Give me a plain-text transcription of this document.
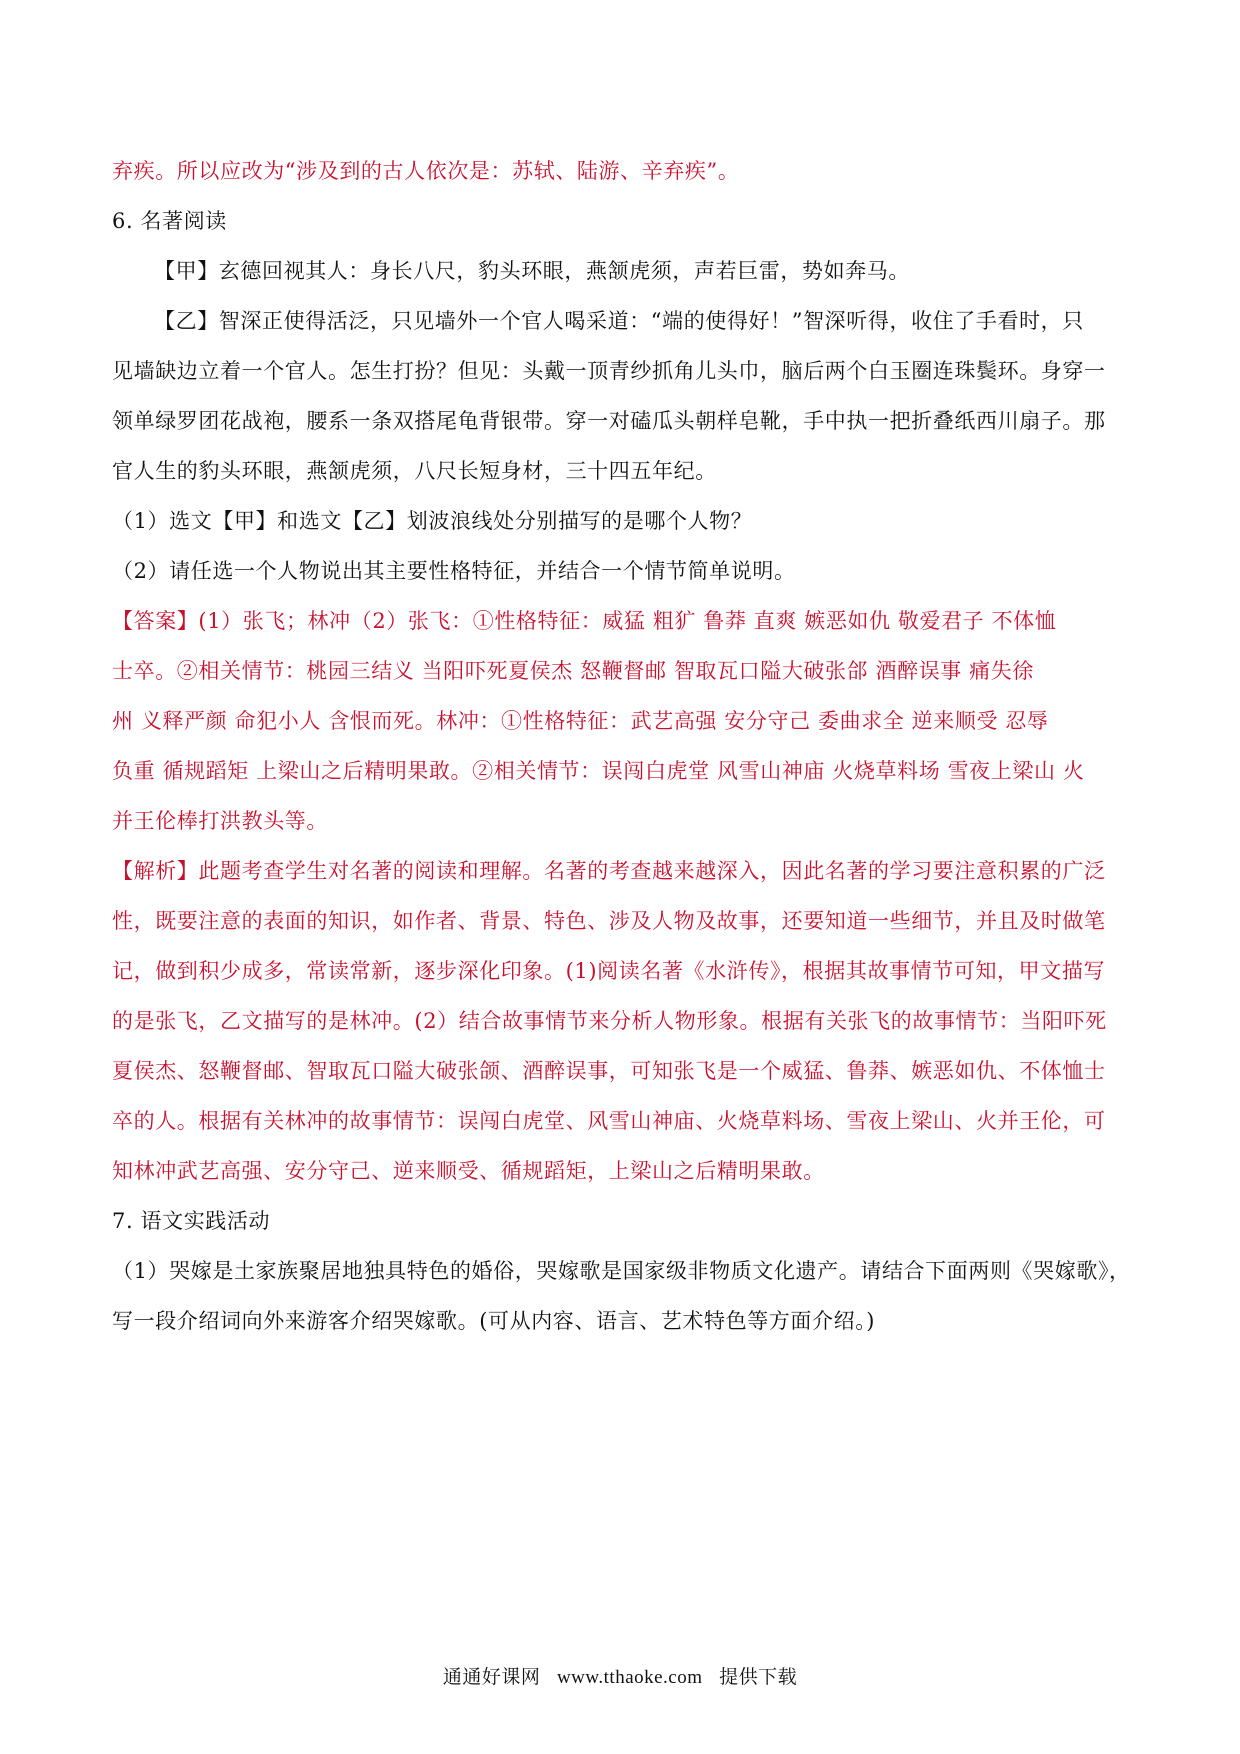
弃疾。所以应改为“涉及到的古人依次是：苏轼、陆游、辛弃疾”。
6. 名著阅读
【甲】玄德回视其人：身长八尺，豹头环眼，燕颔虎须，声若巨雷，势如奔马。
【乙】智深正使得活泛，只见墙外一个官人喝采道：“端的使得好！”智深听得，收住了手看时，只
见墙缺边立着一个官人。怎生打扮？但见：头戴一顶青纱抓角儿头巾，脑后两个白玉圈连珠鬓环。身穿一
领单绿罗团花战袍，腰系一条双搭尾龟背银带。穿一对磕瓜头朝样皂靴，手中执一把折叠纸西川扇子。那
官人生的豹头环眼，燕颔虎须，八尺长短身材，三十四五年纪。
（1）选文【甲】和选文【乙】划波浪线处分别描写的是哪个人物？
（2）请任选一个人物说出其主要性格特征，并结合一个情节简单说明。
【答案】(1）张飞；林冲（2）张飞：①性格特征：威猛 粗犷 鲁莽 直爽 嫉恶如仇 敬爱君子 不体恤
士卒。②相关情节：桃园三结义 当阳吓死夏侯杰 怒鞭督邮 智取瓦口隘大破张郃 酒醉误事 痛失徐
州 义释严颜 命犯小人 含恨而死。林冲：①性格特征：武艺高强 安分守己 委曲求全 逆来顺受 忍辱
负重 循规蹈矩 上梁山之后精明果敢。②相关情节：误闯白虎堂 风雪山神庙 火烧草料场 雪夜上梁山 火
并王伦棒打洪教头等。
【解析】此题考查学生对名著的阅读和理解。名著的考查越来越深入，因此名著的学习要注意积累的广泛
性，既要注意的表面的知识，如作者、背景、特色、涉及人物及故事，还要知道一些细节，并且及时做笔
记，做到积少成多，常读常新，逐步深化印象。(1)阅读名著《水浒传》，根据其故事情节可知，甲文描写
的是张飞，乙文描写的是林冲。(2）结合故事情节来分析人物形象。根据有关张飞的故事情节：当阳吓死
夏侯杰、怒鞭督邮、智取瓦口隘大破张颌、酒醉误事，可知张飞是一个威猛、鲁莽、嫉恶如仇、不体恤士
卒的人。根据有关林冲的故事情节：误闯白虎堂、风雪山神庙、火烧草料场、雪夜上梁山、火并王伦，可
知林冲武艺高强、安分守己、逆来顺受、循规蹈矩，上梁山之后精明果敢。
7. 语文实践活动
（1）哭嫁是土家族聚居地独具特色的婚俗，哭嫁歌是国家级非物质文化遗产。请结合下面两则《哭嫁歌》，
写一段介绍词向外来游客介绍哭嫁歌。(可从内容、语言、艺术特色等方面介绍。)
通通好课网 www.tthaoke.com 提供下载
